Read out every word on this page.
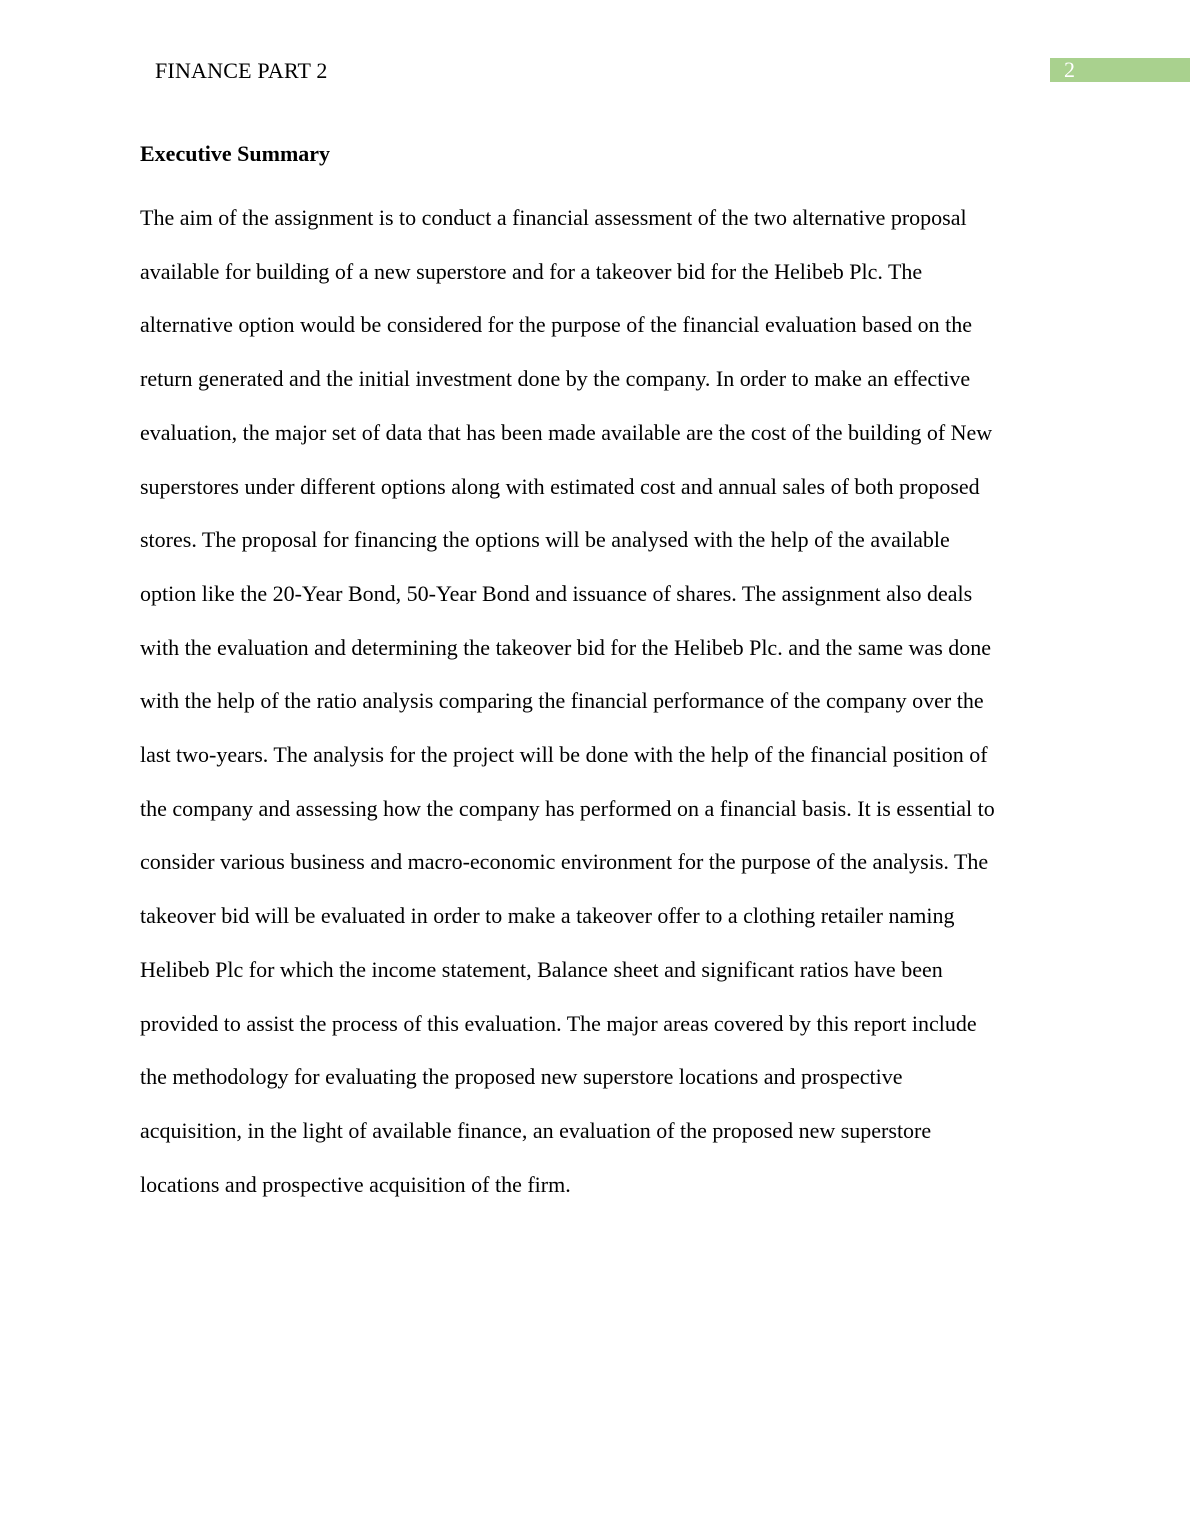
FINANCE PART 2	2
Executive Summary
The aim of the assignment is to conduct a financial assessment of the two alternative proposal
available for building of a new superstore and for a takeover bid for the Helibeb Plc. The
alternative option would be considered for the purpose of the financial evaluation based on the
return generated and the initial investment done by the company. In order to make an effective
evaluation, the major set of data that has been made available are the cost of the building of New
superstores under different options along with estimated cost and annual sales of both proposed
stores. The proposal for financing the options will be analysed with the help of the available
option like the 20-Year Bond, 50-Year Bond and issuance of shares. The assignment also deals
with the evaluation and determining the takeover bid for the Helibeb Plc. and the same was done
with the help of the ratio analysis comparing the financial performance of the company over the
last two-years. The analysis for the project will be done with the help of the financial position of
the company and assessing how the company has performed on a financial basis. It is essential to
consider various business and macro-economic environment for the purpose of the analysis. The
takeover bid will be evaluated in order to make a takeover offer to a clothing retailer naming
Helibeb Plc for which the income statement, Balance sheet and significant ratios have been
provided to assist the process of this evaluation. The major areas covered by this report include
the methodology for evaluating the proposed new superstore locations and prospective
acquisition, in the light of available finance, an evaluation of the proposed new superstore
locations and prospective acquisition of the firm.
